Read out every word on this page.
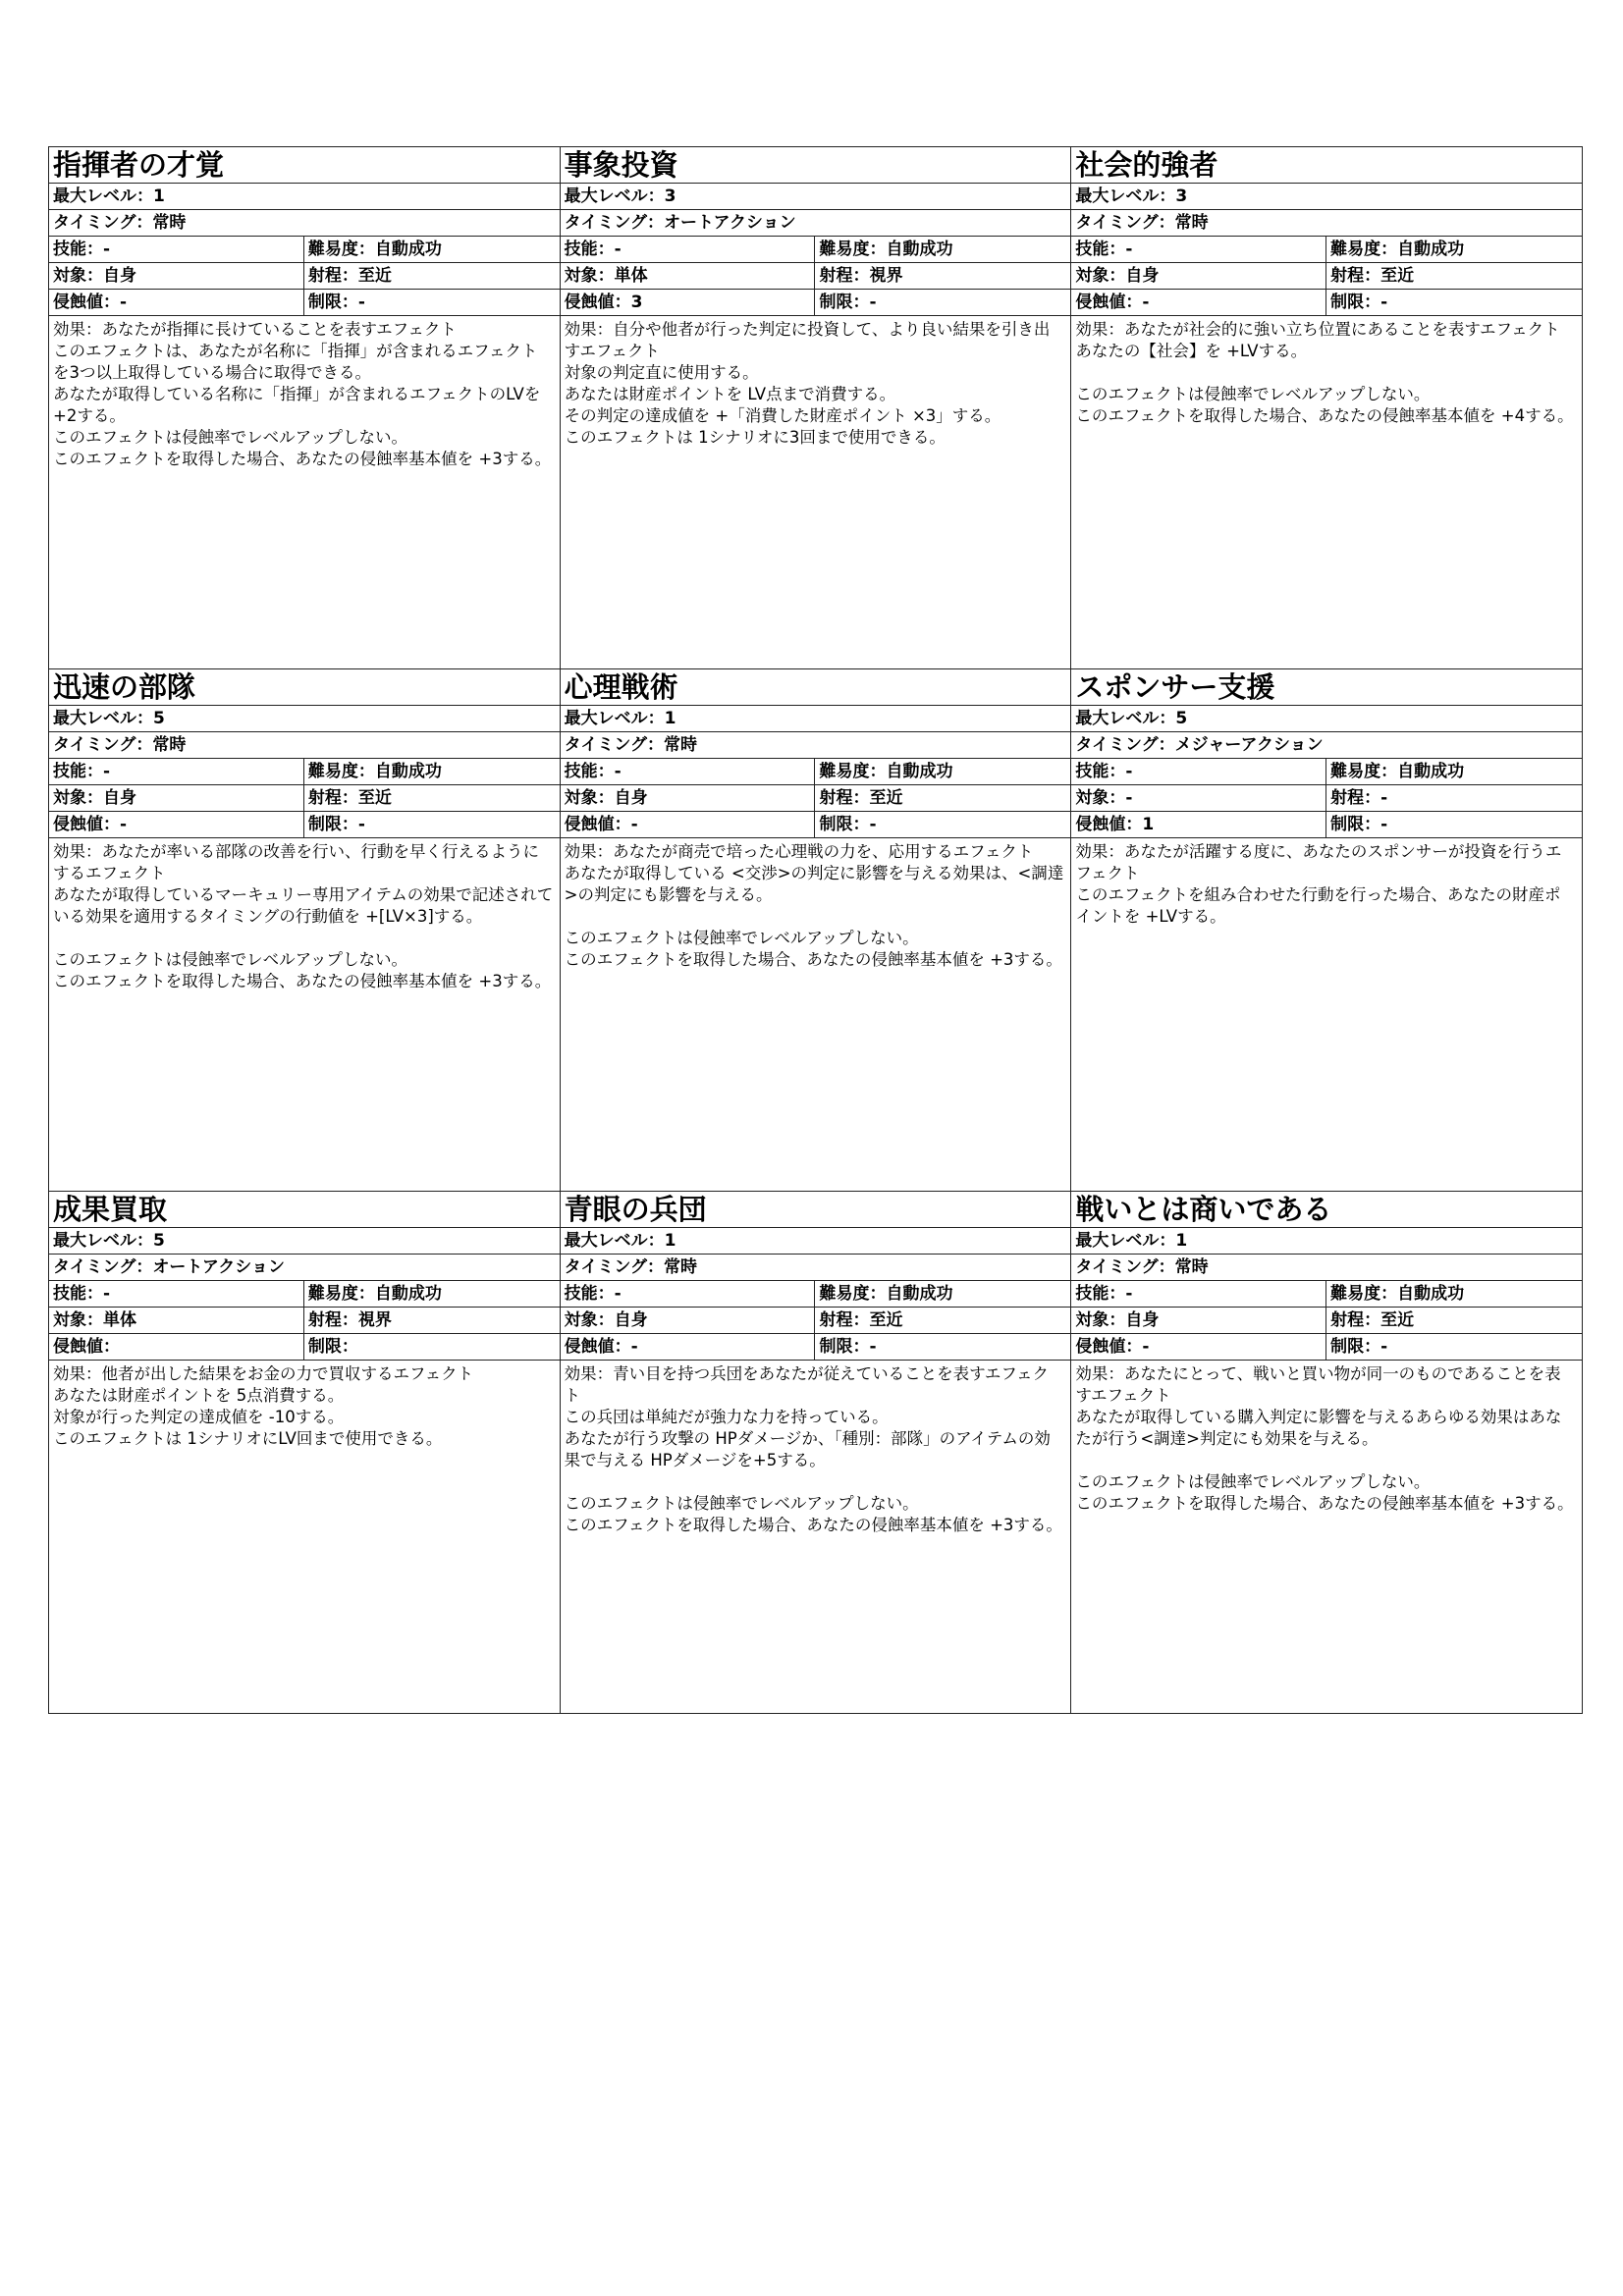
指揮者の才覚
最大レベル：1
タイミング：常時
技能：-	難易度：自動成功
対象：自身	射程：至近
侵蝕値：-	制限：-
効果：あなたが指揮に長けていることを表すエフェクト
このエフェクトは、あなたが名称に「指揮」が含まれるエフェクトを3つ以上取得している場合に取得できる。
あなたが取得している名称に「指揮」が含まれるエフェクトのLVを+2する。
このエフェクトは侵蝕率でレベルアップしない。
このエフェクトを取得した場合、あなたの侵蝕率基本値を +3する。
事象投資
最大レベル：3
タイミング：オートアクション
技能：-	難易度：自動成功
対象：単体	射程：視界
侵蝕値：3	制限：-
効果：自分や他者が行った判定に投資して、より良い結果を引き出すエフェクト
対象の判定直に使用する。
あなたは財産ポイントを LV点まで消費する。
その判定の達成値を +「消費した財産ポイント ×3」する。
このエフェクトは 1シナリオに3回まで使用できる。
社会的強者
最大レベル：3
タイミング：常時
技能：-	難易度：自動成功
対象：自身	射程：至近
侵蝕値：-	制限：-
効果：あなたが社会的に強い立ち位置にあることを表すエフェクト
あなたの【社会】を +LVする。

このエフェクトは侵蝕率でレベルアップしない。
このエフェクトを取得した場合、あなたの侵蝕率基本値を +4する。
迅速の部隊
最大レベル：5
タイミング：常時
技能：-	難易度：自動成功
対象：自身	射程：至近
侵蝕値：-	制限：-
効果：あなたが率いる部隊の改善を行い、行動を早く行えるようにするエフェクト
あなたが取得しているマーキュリー専用アイテムの効果で記述されている効果を適用するタイミングの行動値を +[LV×3]する。

このエフェクトは侵蝕率でレベルアップしない。
このエフェクトを取得した場合、あなたの侵蝕率基本値を +3する。
心理戦術
最大レベル：1
タイミング：常時
技能：-	難易度：自動成功
対象：自身	射程：至近
侵蝕値：-	制限：-
効果：あなたが商売で培った心理戦の力を、応用するエフェクト
あなたが取得している <交渉>の判定に影響を与える効果は、<調達>の判定にも影響を与える。

このエフェクトは侵蝕率でレベルアップしない。
このエフェクトを取得した場合、あなたの侵蝕率基本値を +3する。
スポンサー支援
最大レベル：5
タイミング：メジャーアクション
技能：-	難易度：自動成功
対象：-	射程：-
侵蝕値：1	制限：-
効果：あなたが活躍する度に、あなたのスポンサーが投資を行うエフェクト
このエフェクトを組み合わせた行動を行った場合、あなたの財産ポイントを +LVする。
成果買取
最大レベル：5
タイミング：オートアクション
技能：-	難易度：自動成功
対象：単体	射程：視界
侵蝕値：	制限：
効果：他者が出した結果をお金の力で買収するエフェクト
あなたは財産ポイントを 5点消費する。
対象が行った判定の達成値を -10する。
このエフェクトは 1シナリオにLV回まで使用できる。
青眼の兵団
最大レベル：1
タイミング：常時
技能：-	難易度：自動成功
対象：自身	射程：至近
侵蝕値：-	制限：-
効果：青い目を持つ兵団をあなたが従えていることを表すエフェクト
この兵団は単純だが強力な力を持っている。
あなたが行う攻撃の HPダメージか、「種別：部隊」のアイテムの効果で与える HPダメージを+5する。

このエフェクトは侵蝕率でレベルアップしない。
このエフェクトを取得した場合、あなたの侵蝕率基本値を +3する。
戦いとは商いである
最大レベル：1
タイミング：常時
技能：-	難易度：自動成功
対象：自身	射程：至近
侵蝕値：-	制限：-
効果：あなたにとって、戦いと買い物が同一のものであることを表すエフェクト
あなたが取得している購入判定に影響を与えるあらゆる効果はあなたが行う<調達>判定にも効果を与える。

このエフェクトは侵蝕率でレベルアップしない。
このエフェクトを取得した場合、あなたの侵蝕率基本値を +3する。
